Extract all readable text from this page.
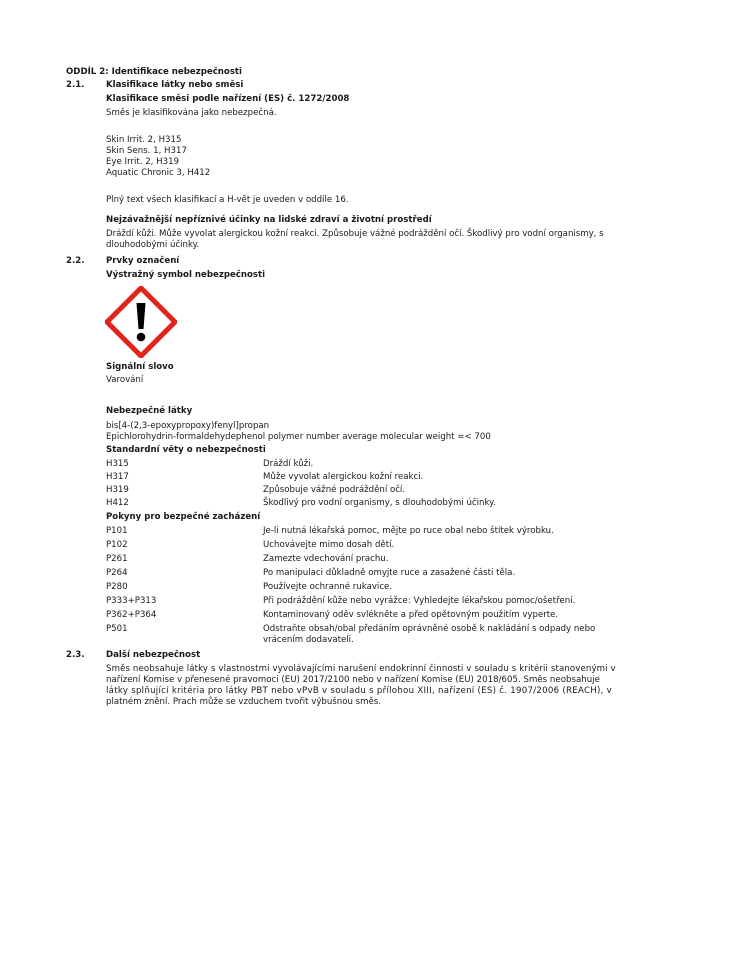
ODDÍL 2: Identifikace nebezpečnosti
2.1.	Klasifikace látky nebo směsi
Klasifikace směsi podle nařízení (ES) č. 1272/2008
Směs je klasifikována jako nebezpečná.
Skin Irrit. 2, H315
Skin Sens. 1, H317
Eye Irrit. 2, H319
Aquatic Chronic 3, H412
Plný text všech klasifikací a H-vět je uveden v oddíle 16.
Nejzávažnější nepříznivé účinky na lidské zdraví a životní prostředí
Dráždí kůži. Může vyvolat alergickou kožní reakci. Způsobuje vážné podráždění očí. Škodlivý pro vodní organismy, s
dlouhodobými účinky.
2.2.	Prvky označení
Výstražný symbol nebezpečnosti
Signální slovo
Varování
Nebezpečné látky
bis[4-(2,3-epoxypropoxy)fenyl]propan
Epichlorohydrin-formaldehydephenol polymer number average molecular weight =< 700
Standardní věty o nebezpečnosti
H315	Dráždí kůži.
H317	Může vyvolat alergickou kožní reakci.
H319	Způsobuje vážné podráždění očí.
H412	Škodlivý pro vodní organismy, s dlouhodobými účinky.
Pokyny pro bezpečné zacházení
P101	Je-li nutná lékařská pomoc, mějte po ruce obal nebo štítek výrobku.
P102	Uchovávejte mimo dosah dětí.
P261	Zamezte vdechování prachu.
P264	Po manipulaci důkladně omyjte ruce a zasažené části těla.
P280	Používejte ochranné rukavice.
P333+P313	Při podráždění kůže nebo vyrážce: Vyhledejte lékařskou pomoc/ošetření.
P362+P364	Kontaminovaný oděv svlékněte a před opětovným použitím vyperte.
P501	Odstraňte obsah/obal předáním oprávněné osobě k nakládání s odpady nebo
vrácením dodavateli.
2.3.	Další nebezpečnost
Směs neobsahuje látky s vlastnostmi vyvolávajícími narušení endokrinní činnosti v souladu s kritérii stanovenými v
nařízení Komise v přenesené pravomoci (EU) 2017/2100 nebo v nařízení Komise (EU) 2018/605. Směs neobsahuje
látky splňující kritéria pro látky PBT nebo vPvB v souladu s přílohou XIII, nařízení (ES) č. 1907/2006 (REACH), v
platném znění. Prach může se vzduchem tvořit výbušnou směs.
